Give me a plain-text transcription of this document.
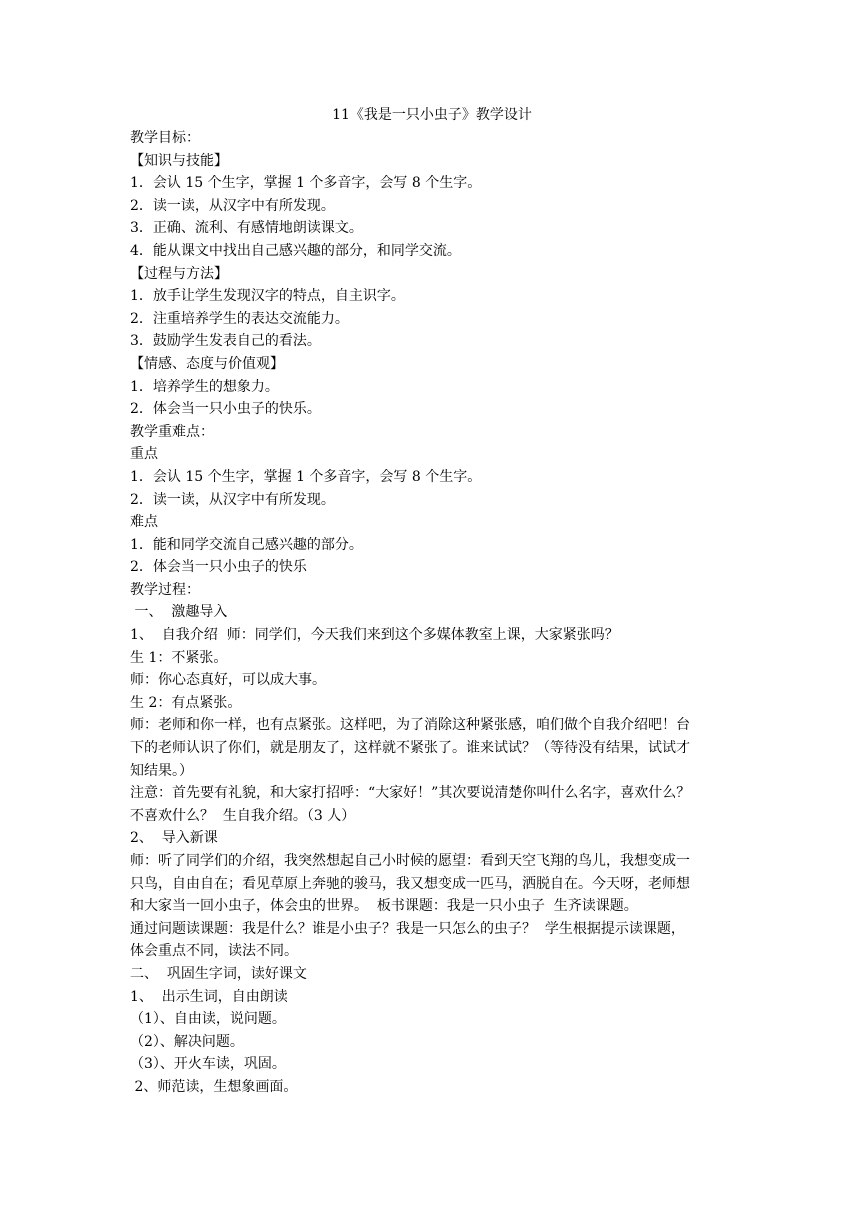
11《我是一只小虫子》教学设计
教学目标：
【知识与技能】
1．会认 15 个生字，掌握 1 个多音字，会写 8 个生字。
2．读一读，从汉字中有所发现。
3．正确、流利、有感情地朗读课文。
4．能从课文中找出自己感兴趣的部分，和同学交流。
【过程与方法】
1．放手让学生发现汉字的特点，自主识字。
2．注重培养学生的表达交流能力。
3．鼓励学生发表自己的看法。
【情感、态度与价值观】
1．培养学生的想象力。
2．体会当一只小虫子的快乐。
教学重难点：
重点
1．会认 15 个生字，掌握 1 个多音字，会写 8 个生字。
2．读一读，从汉字中有所发现。
难点
1．能和同学交流自己感兴趣的部分。
2．体会当一只小虫子的快乐
教学过程：
一、  激趣导入
1、  自我介绍  师：同学们，今天我们来到这个多媒体教室上课，大家紧张吗？
生 1：不紧张。
师：你心态真好，可以成大事。
生 2：有点紧张。
师：老师和你一样，也有点紧张。这样吧，为了消除这种紧张感，咱们做个自我介绍吧！台
下的老师认识了你们，就是朋友了，这样就不紧张了。谁来试试？（等待没有结果，试试才
知结果。）
注意：首先要有礼貌，和大家打招呼：“大家好！”其次要说清楚你叫什么名字，喜欢什么？
不喜欢什么？  生自我介绍。（3 人）
2、  导入新课
师：听了同学们的介绍，我突然想起自己小时候的愿望：看到天空飞翔的鸟儿，我想变成一
只鸟，自由自在；看见草原上奔驰的骏马，我又想变成一匹马，洒脱自在。今天呀，老师想
和大家当一回小虫子，体会虫的世界。  板书课题：我是一只小虫子  生齐读课题。
通过问题读课题：我是什么？谁是小虫子？我是一只怎么的虫子？  学生根据提示读课题，
体会重点不同，读法不同。
二、  巩固生字词，读好课文
1、  出示生词，自由朗读
（1）、自由读，说问题。
（2）、解决问题。
（3）、开火车读，巩固。
2、师范读，生想象画面。
